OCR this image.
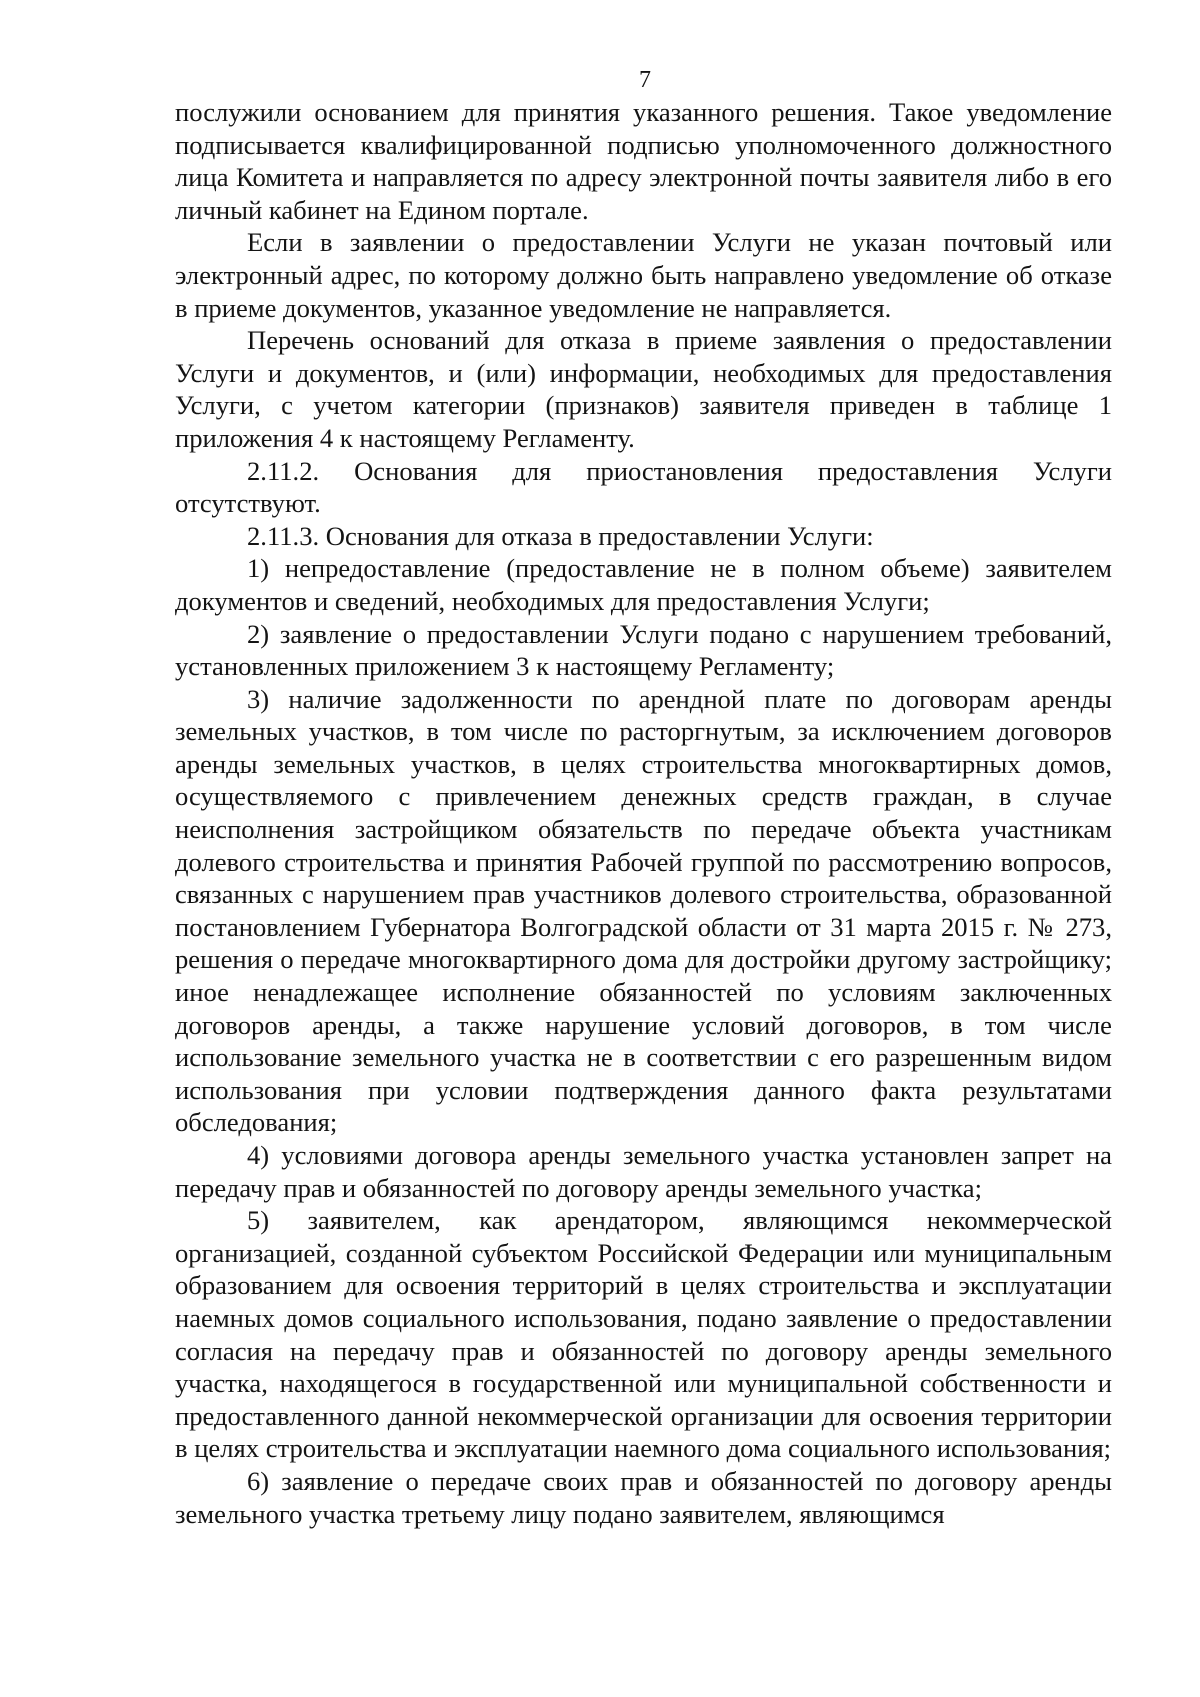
7

послужили основанием для принятия указанного решения. Такое уведомление подписывается квалифицированной подписью уполномоченного должностного лица Комитета и направляется по адресу электронной почты заявителя либо в его личный кабинет на Едином портале.

Если в заявлении о предоставлении Услуги не указан почтовый или электронный адрес, по которому должно быть направлено уведомление об отказе в приеме документов, указанное уведомление не направляется.

Перечень оснований для отказа в приеме заявления о предоставлении Услуги и документов, и (или) информации, необходимых для предоставления Услуги, с учетом категории (признаков) заявителя приведен в таблице 1 приложения 4 к настоящему Регламенту.

2.11.2. Основания для приостановления предоставления Услуги отсутствуют.

2.11.3. Основания для отказа в предоставлении Услуги:

1) непредоставление (предоставление не в полном объеме) заявителем документов и сведений, необходимых для предоставления Услуги;

2) заявление о предоставлении Услуги подано с нарушением требований, установленных приложением 3 к настоящему Регламенту;

3) наличие задолженности по арендной плате по договорам аренды земельных участков, в том числе по расторгнутым, за исключением договоров аренды земельных участков, в целях строительства многоквартирных домов, осуществляемого с привлечением денежных средств граждан, в случае неисполнения застройщиком обязательств по передаче объекта участникам долевого строительства и принятия Рабочей группой по рассмотрению вопросов, связанных с нарушением прав участников долевого строительства, образованной постановлением Губернатора Волгоградской области от 31 марта 2015 г. № 273, решения о передаче многоквартирного дома для достройки другому застройщику; иное ненадлежащее исполнение обязанностей по условиям заключенных договоров аренды, а также нарушение условий договоров, в том числе использование земельного участка не в соответствии с его разрешенным видом использования при условии подтверждения данного факта результатами обследования;

4) условиями договора аренды земельного участка установлен запрет на передачу прав и обязанностей по договору аренды земельного участка;

5) заявителем, как арендатором, являющимся некоммерческой организацией, созданной субъектом Российской Федерации или муниципальным образованием для освоения территорий в целях строительства и эксплуатации наемных домов социального использования, подано заявление о предоставлении согласия на передачу прав и обязанностей по договору аренды земельного участка, находящегося в государственной или муниципальной собственности и предоставленного данной некоммерческой организации для освоения территории в целях строительства и эксплуатации наемного дома социального использования;

6) заявление о передаче своих прав и обязанностей по договору аренды земельного участка третьему лицу подано заявителем, являющимся
